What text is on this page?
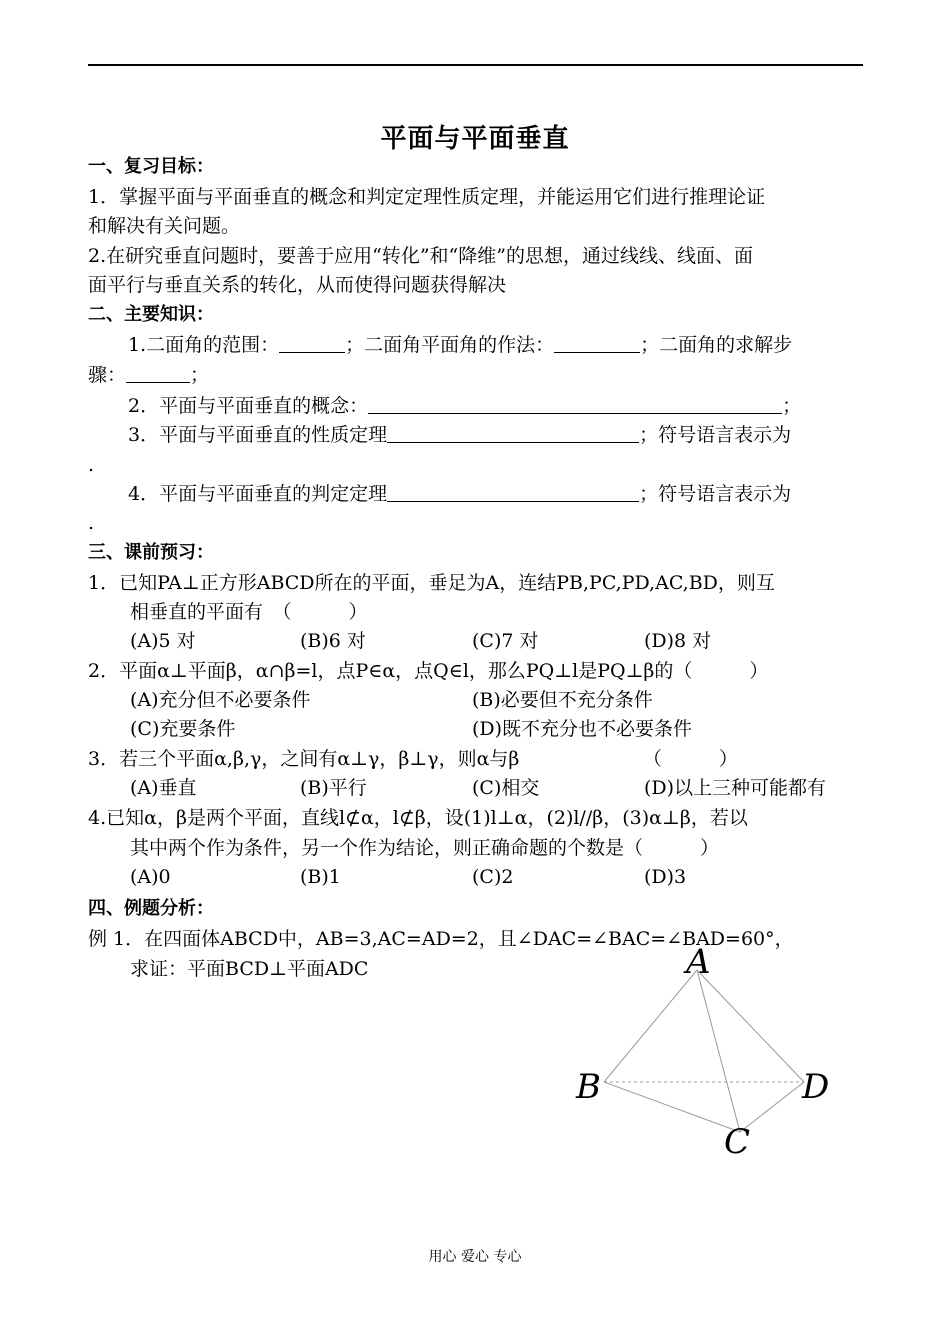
平面与平面垂直
一、复习目标：
1．掌握平面与平面垂直的概念和判定定理性质定理，并能运用它们进行推理论证
和解决有关问题。
2.在研究垂直问题时，要善于应用“转化”和“降维”的思想，通过线线、线面、面
面平行与垂直关系的转化，从而使得问题获得解决
二、主要知识：
1.二面角的范围：	；二面角平面角的作法：	；二面角的求解步
骤：	；
2．平面与平面垂直的概念：	；
3．平面与平面垂直的性质定理	；符号语言表示为
.
4．平面与平面垂直的判定定理	；符号语言表示为
.
三、课前预习：
1．已知PA⊥正方形ABCD所在的平面，垂足为A，连结PB,PC,PD,AC,BD，则互
相垂直的平面有　（　　　）
(A)5 对	(B)6 对	(C)7 对	(D)8 对
2．平面α⊥平面β，α∩β=l，点P∈α，点Q∈l，那么PQ⊥l是PQ⊥β的（　　　）
(A)充分但不必要条件	(B)必要但不充分条件
(C)充要条件	(D)既不充分也不必要条件
3．若三个平面α,β,γ，之间有α⊥γ，β⊥γ，则α与β　　　　　　　（　　　）
(A)垂直	(B)平行	(C)相交	(D)以上三种可能都有
4.已知α，β是两个平面，直线l⊄α，l⊄β，设(1)l⊥α，(2)l//β，(3)α⊥β，若以
其中两个作为条件，另一个作为结论，则正确命题的个数是（　　　）
(A)0	(B)1	(C)2	(D)3
四、例题分析：
例 1．在四面体ABCD中，AB=3,AC=AD=2，且∠DAC=∠BAC=∠BAD=60°，
求证：平面BCD⊥平面ADC	A
B
C
D
用心 爱心 专心
